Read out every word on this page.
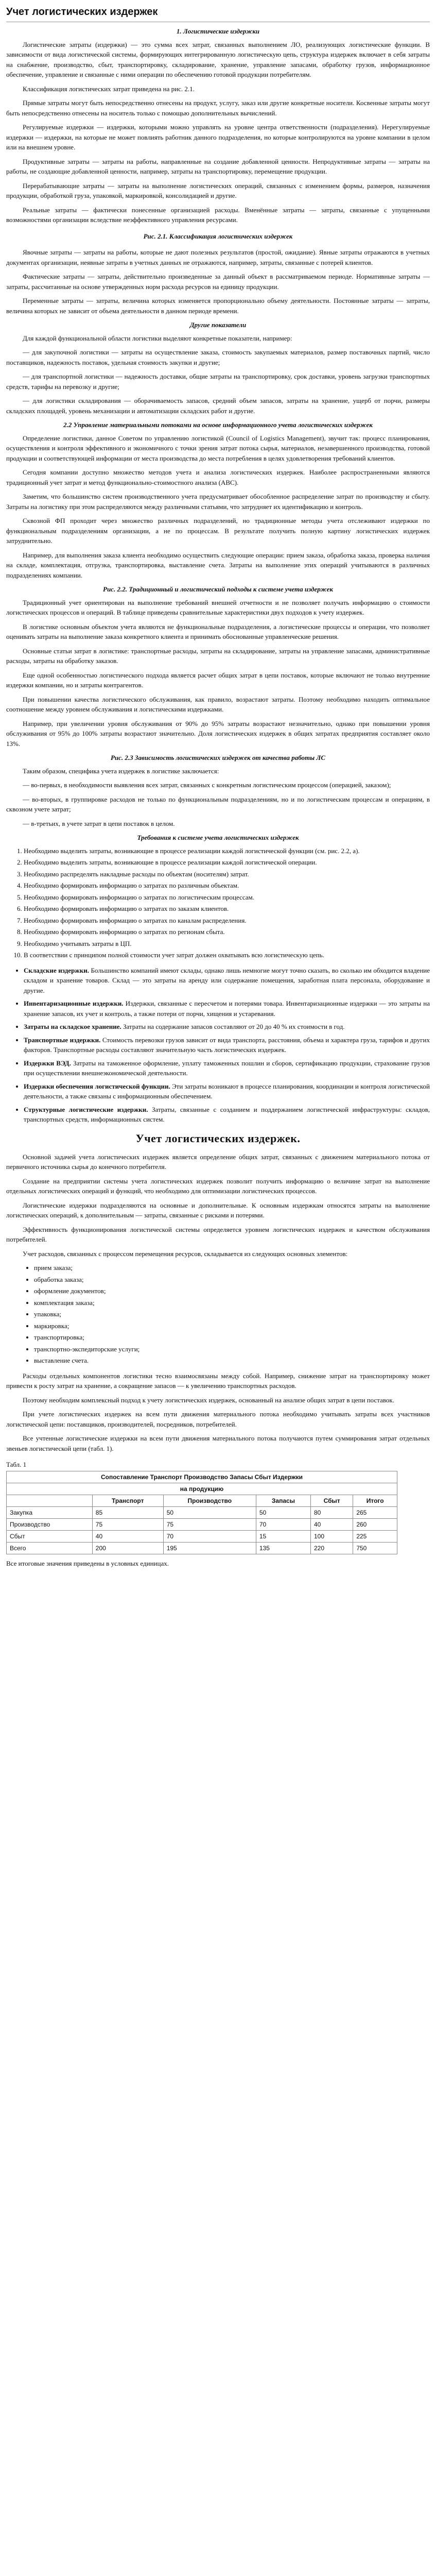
Учет логистических издержек
1. Логистические издержки

Логистические затраты (издержки) — это сумма всех затрат, связанных выполнением ЛО, реализующих логистические функции. В зависимости от вида логистической системы, формирующих интегрированную логистическую цепь, структура издержек включает в себя затраты на снабжение, производство, сбыт, транспортировку, складирование, хранение, управление запасами, обработку грузов, информационное обеспечение, управление и связанные с ними операции по обеспечению готовой продукции потребителям.

Классификация логистических затрат приведена на рис. 2.1.

Прямые затраты могут быть непосредственно отнесены на продукт, услугу, заказ или другие конкретные носители. Косвенные затраты могут быть непосредственно отнесены на носитель только с помощью дополнительных вычислений.

Регулируемые издержки — издержки, которыми можно управлять на уровне центра ответственности (подразделения). Нерегулируемые издержки — издержки, на которые не может повлиять работник данного подразделения, но которые контролируются на уровне компании в целом или на внешнем уровне.

Продуктивные затраты — затраты на работы, направленные на создание добавленной ценности. Непродуктивные затраты — затраты на работы, не создающие добавленной ценности, например, затраты на транспортировку, перемещение продукции.

Перерабатывающие затраты — затраты на выполнение логистических операций, связанных с изменением формы, размеров, назначения продукции, обработкой груза, упаковкой, маркировкой, консолидацией и другие.

Реальные затраты — фактически понесенные организацией расходы. Вменённые затраты — затраты, связанные с упущенными возможностями организации вследствие неэффективного управления ресурсами.

Рис. 2.1. Классификация логистических издержек

Явочные затраты — затраты на работы, которые не дают полезных результатов (простой, ожидание). Явные затраты отражаются в учетных документах организации, неявные затраты в учетных данных не отражаются, например, затраты, связанные с потерей клиентов.

Фактические затраты — затраты, действительно произведенные за данный объект в рассматриваемом периоде. Нормативные затраты — затраты, рассчитанные на основе утвержденных норм расхода ресурсов на единицу продукции.

Переменные затраты — затраты, величина которых изменяется пропорционально объему деятельности. Постоянные затраты — затраты, величина которых не зависит от объема деятельности в данном периоде времени.

Другие показатели

Для каждой функциональной области логистики выделяют конкретные показатели, например:

— для закупочной логистики — затраты на осуществление заказа, стоимость закупаемых материалов, размер поставочных партий, число поставщиков, надежность поставок, удельная стоимость закупки и другие;

— для транспортной логистики — надежность доставки, общие затраты на транспортировку, срок доставки, уровень загрузки транспортных средств, тарифы на перевозку и другие;

— для логистики складирования — оборачиваемость запасов, средний объем запасов, затраты на хранение, ущерб от порчи, размеры складских площадей, уровень механизации и автоматизации складских работ и другие.

2.2 Управление материальными потоками на основе информационного учета логистических издержек

Определение логистики, данное Советом по управлению логистикой (Council of Logistics Management), звучит так: процесс планирования, осуществления и контроля эффективного и экономичного с точки зрения затрат потока сырья, материалов, незавершенного производства, готовой продукции и соответствующей информации от места производства до места потребления в целях удовлетворения требований клиентов.

Сегодня компании доступно множество методов учета и анализа логистических издержек. Наиболее распространенными являются традиционный учет затрат и метод функционально-стоимостного анализа (ABC).

Заметим, что большинство систем производственного учета предусматривает обособленное распределение затрат по производству и сбыту. Затраты на логистику при этом распределяются между различными статьями, что затрудняет их идентификацию и контроль.

Сквозной ФП проходит через множество различных подразделений, но традиционные методы учета отслеживают издержки по функциональным подразделениям организации, а не по процессам. В результате получить полную картину логистических издержек затруднительно.

Например, для выполнения заказа клиента необходимо осуществить следующие операции: прием заказа, обработка заказа, проверка наличия на складе, комплектация, отгрузка, транспортировка, выставление счета. Затраты на выполнение этих операций учитываются в различных подразделениях компании.

Рис. 2.2. Традиционный и логистический подходы к системе учета издержек

Традиционный учет ориентирован на выполнение требований внешней отчетности и не позволяет получать информацию о стоимости логистических процессов и операций. В таблице приведены сравнительные характеристики двух подходов к учету издержек.

В логистике основным объектом учета являются не функциональные подразделения, а логистические процессы и операции, что позволяет оценивать затраты на выполнение заказа конкретного клиента и принимать обоснованные управленческие решения.

Основные статьи затрат в логистике: транспортные расходы, затраты на складирование, затраты на управление запасами, административные расходы, затраты на обработку заказов.

Еще одной особенностью логистического подхода является расчет общих затрат в цепи поставок, которые включают не только внутренние издержки компании, но и затраты контрагентов.

При повышении качества логистического обслуживания, как правило, возрастают затраты. Поэтому необходимо находить оптимальное соотношение между уровнем обслуживания и логистическими издержками.

Например, при увеличении уровня обслуживания от 90% до 95% затраты возрастают незначительно, однако при повышении уровня обслуживания от 95% до 100% затраты возрастают значительно. Доля логистических издержек в общих затратах предприятия составляет около 13%.

Рис. 2.3 Зависимость логистических издержек от качества работы ЛС

Таким образом, специфика учета издержек в логистике заключается:

— во-первых, в необходимости выявления всех затрат, связанных с конкретным логистическим процессом (операцией, заказом);

— во-вторых, в группировке расходов не только по функциональным подразделениям, но и по логистическим процессам и операциям, в сквозном учете затрат;

— в-третьих, в учете затрат в цепи поставок в целом.

Требования к системе учета логистических издержек
1. Необходимо выделить затраты, возникающие в процессе реализации каждой логистической функции (см. рис. 2.2, а).
2. Необходимо выделить затраты, возникающие в процессе реализации каждой логистической операции.
3. Необходимо распределять накладные расходы по объектам (носителям) затрат.
4. Необходимо формировать информацию о затратах по различным объектам.
5. Необходимо формировать информацию о затратах по логистическим процессам.
6. Необходимо формировать информацию о затратах по заказам клиентов.
7. Необходимо формировать информацию о затратах по каналам распределения.
8. Необходимо формировать информацию о затратах по регионам сбыта.
9. Необходимо учитывать затраты в ЦП.
10. В соответствии с принципом полной стоимости учет затрат должен охватывать всю логистическую цепь.
• Складские издержки. Большинство компаний имеют склады, однако лишь немногие могут точно сказать, во сколько им обходится владение складом и хранение товаров. Склад — это затраты на аренду или содержание помещения, заработная плата персонала, оборудование и другие.
• Инвентаризационные издержки. Издержки, связанные с пересчетом и потерями товара. Инвентаризационные издержки — это затраты на хранение запасов, их учет и контроль, а также потери от порчи, хищения и устаревания.
• Затраты на складское хранение. Затраты на содержание запасов составляют от 20 до 40 % их стоимости в год.
• Транспортные издержки. Стоимость перевозки грузов зависит от вида транспорта, расстояния, объема и характера груза, тарифов и других факторов. Транспортные расходы составляют значительную часть логистических издержек.
• Издержки ВЭД. Затраты на таможенное оформление, уплату таможенных пошлин и сборов, сертификацию продукции, страхование грузов при осуществлении внешнеэкономической деятельности.
• Издержки обеспечения логистической функции. Эти затраты возникают в процессе планирования, координации и контроля логистической деятельности, а также связаны с информационным обеспечением.
• Структурные логистические издержки. Затраты, связанные с созданием и поддержанием логистической инфраструктуры: складов, транспортных средств, информационных систем.
Учет логистических издержек.

Основной задачей учета логистических издержек является определение общих затрат, связанных с движением материального потока от первичного источника сырья до конечного потребителя.

Создание на предприятии системы учета логистических издержек позволит получить информацию о величине затрат на выполнение отдельных логистических операций и функций, что необходимо для оптимизации логистических процессов.

Логистические издержки подразделяются на основные и дополнительные. К основным издержкам относятся затраты на выполнение логистических операций, к дополнительным — затраты, связанные с рисками и потерями.

Эффективность функционирования логистической системы определяется уровнем логистических издержек и качеством обслуживания потребителей.

Учет расходов, связанных с процессом перемещения ресурсов, складывается из следующих основных элементов:

• прием заказа;
• обработка заказа;
• оформление документов;
• комплектация заказа;
• упаковка;
• маркировка;
• транспортировка;
• транспортно-экспедиторские услуги;
• выставление счета.

Расходы отдельных компонентов логистики тесно взаимосвязаны между собой. Например, снижение затрат на транспортировку может привести к росту затрат на хранение, а сокращение запасов — к увеличению транспортных расходов.

Поэтому необходим комплексный подход к учету логистических издержек, основанный на анализе общих затрат в цепи поставок.

При учете логистических издержек на всем пути движения материального потока необходимо учитывать затраты всех участников логистической цепи: поставщиков, производителей, посредников, потребителей.

Все учтенные логистические издержки на всем пути движения материального потока получаются путем суммирования затрат отдельных звеньев логистической цепи (табл. 1).

Табл. 1

Сопоставление Транспорт Производство Запасы Сбыт Издержки					
на продукцию					
	Транспорт	Производство	Запасы	Сбыт	Итого
Закупка	85	50	50	80	265
Производство	75	75	70	40	260
Сбыт	40	70	15	100	225
Всего	200	195	135	220	750

Все итоговые значения приведены в условных единицах.
